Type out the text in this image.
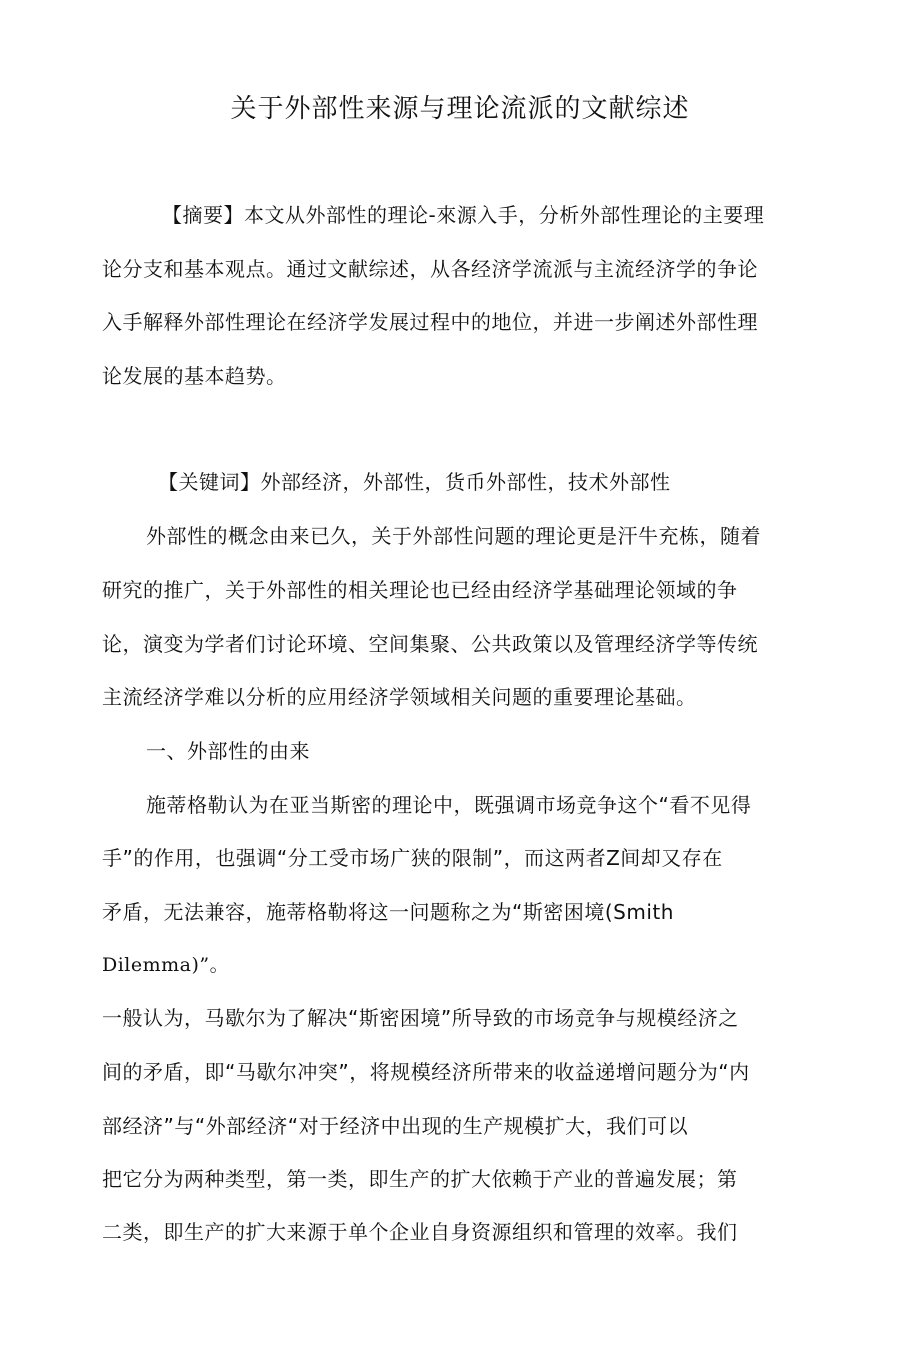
关于外部性来源与理论流派的文献综述
【摘要】本文从外部性的理论-來源入手，分析外部性理论的主要理
论分支和基本观点。通过文献综述，从各经济学流派与主流经济学的争论
入手解释外部性理论在经济学发展过程中的地位，并进一步阐述外部性理
论发展的基本趋势。
【关键词】外部经济，外部性，货币外部性，技术外部性
外部性的概念由来已久，关于外部性问题的理论更是汗牛充栋，随着
研究的推广，关于外部性的相关理论也已经由经济学基础理论领域的争
论，演变为学者们讨论环境、空间集聚、公共政策以及管理经济学等传统
主流经济学难以分析的应用经济学领域相关问题的重要理论基础。
一、外部性的由来
施蒂格勒认为在亚当斯密的理论中，既强调市场竞争这个“看不见得
手”的作用，也强调“分工受市场广狭的限制”，而这两者Z间却又存在
矛盾，无法兼容，施蒂格勒将这一问题称之为“斯密困境(Smith
Dilemma)”。
一般认为，马歇尔为了解决“斯密困境”所导致的市场竞争与规模经济之
间的矛盾，即“马歇尔冲突”，将规模经济所带来的收益递增问题分为“内
部经济”与“外部经济“对于经济中出现的生产规模扩大，我们可以
把它分为两种类型，第一类，即生产的扩大依赖于产业的普遍发展；第
二类，即生产的扩大来源于单个企业自身资源组织和管理的效率。我们
